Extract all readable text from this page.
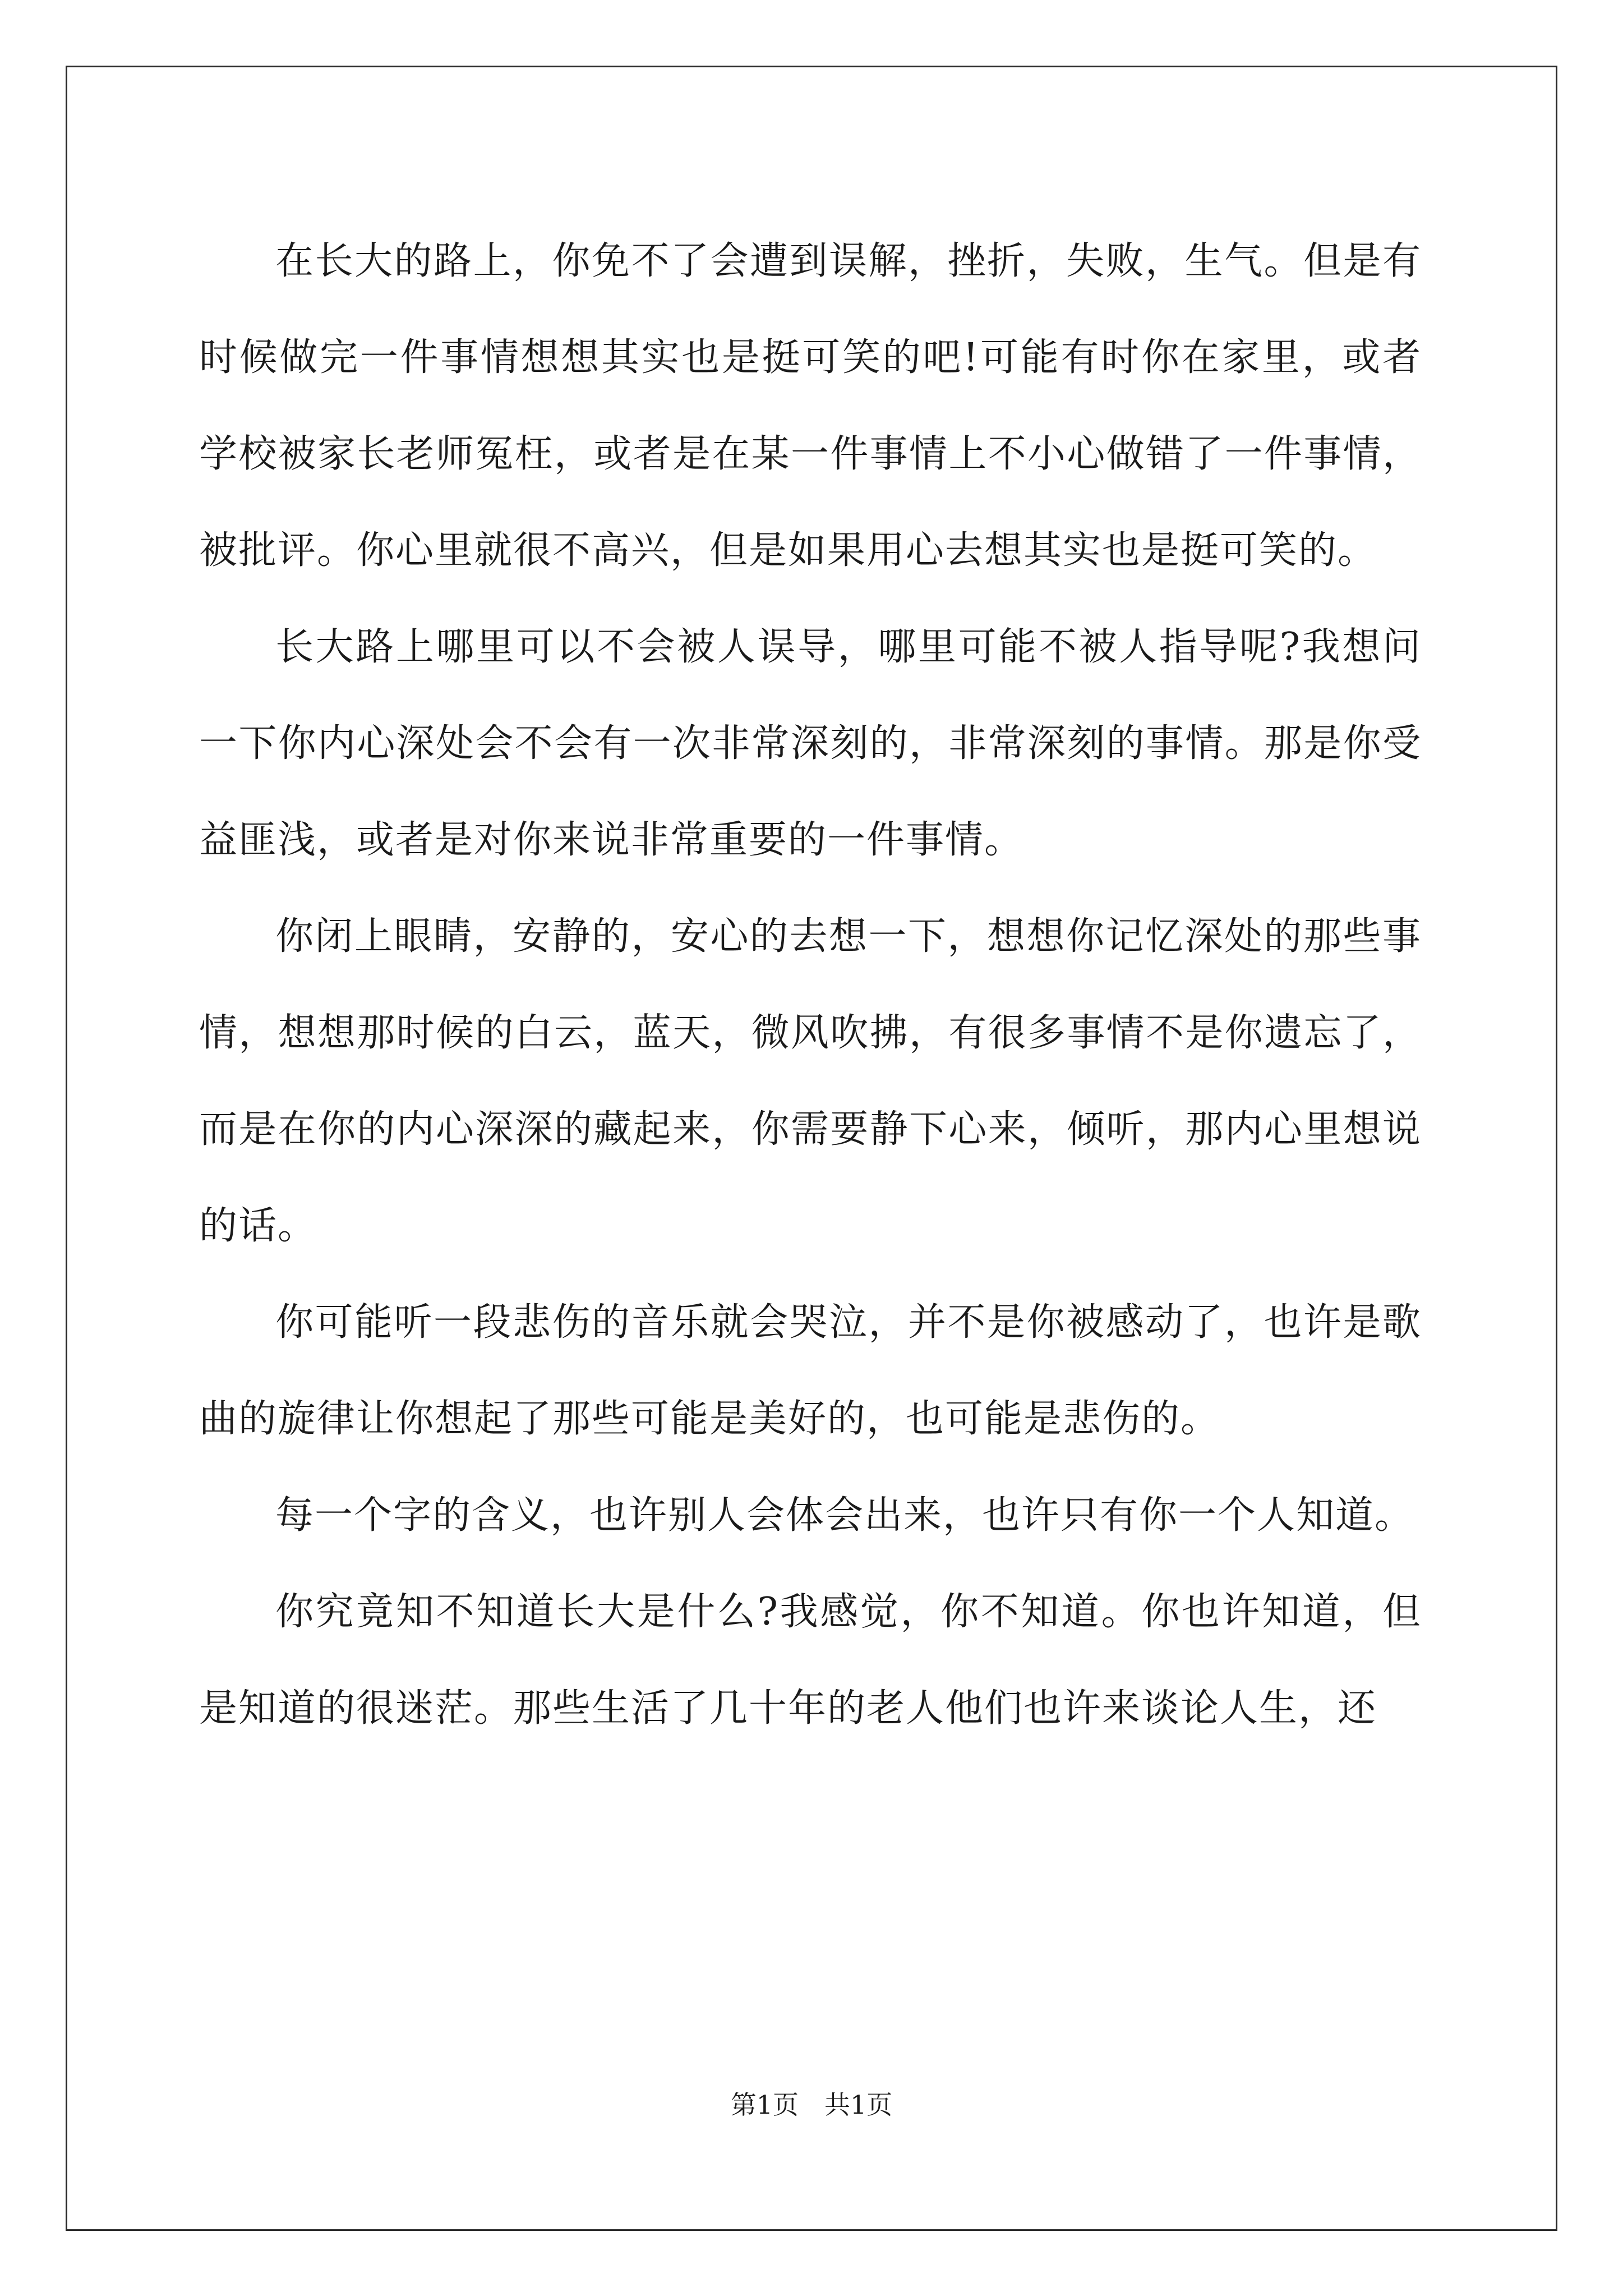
在长大的路上，你免不了会遭到误解，挫折，失败，生气。但是有时候做完一件事情想想其实也是挺可笑的吧!可能有时你在家里，或者学校被家长老师冤枉，或者是在某一件事情上不小心做错了一件事情，被批评。你心里就很不高兴，但是如果用心去想其实也是挺可笑的。

长大路上哪里可以不会被人误导，哪里可能不被人指导呢?我想问一下你内心深处会不会有一次非常深刻的，非常深刻的事情。那是你受益匪浅，或者是对你来说非常重要的一件事情。

你闭上眼睛，安静的，安心的去想一下，想想你记忆深处的那些事情，想想那时候的白云，蓝天，微风吹拂，有很多事情不是你遗忘了，而是在你的内心深深的藏起来，你需要静下心来，倾听，那内心里想说的话。

你可能听一段悲伤的音乐就会哭泣，并不是你被感动了，也许是歌曲的旋律让你想起了那些可能是美好的，也可能是悲伤的。

每一个字的含义，也许别人会体会出来，也许只有你一个人知道。

你究竟知不知道长大是什么?我感觉，你不知道。你也许知道，但是知道的很迷茫。那些生活了几十年的老人他们也许来谈论人生，还

第1页　共1页
